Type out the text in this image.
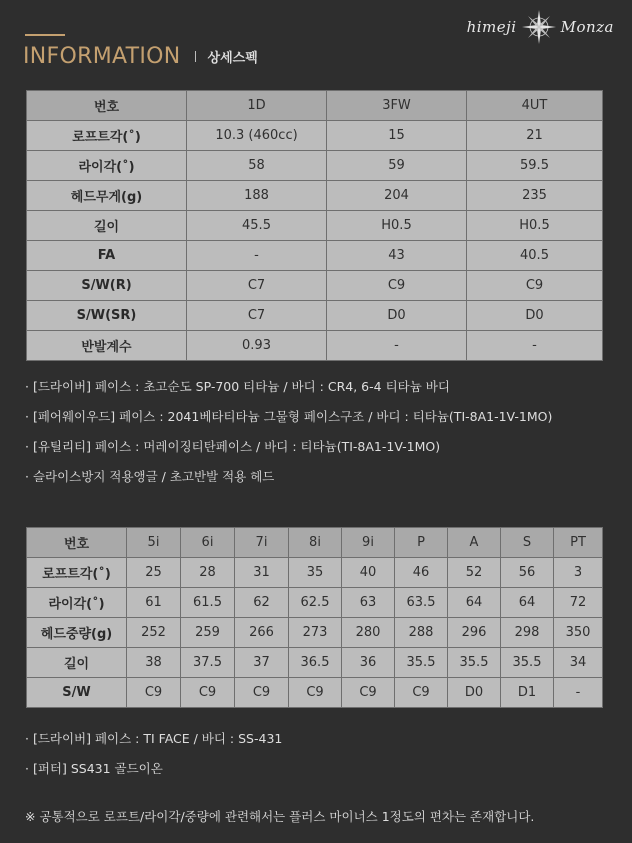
himeji	Monza
INFORMATION 상세스펙
번호	1D	3FW	4UT
로프트각(˚)	10.3 (460cc)	15	21
라이각(˚)	58	59	59.5
헤드무게(g)	188	204	235
길이	45.5	H0.5	H0.5
FA	-	43	40.5
S/W(R)	C7	C9	C9
S/W(SR)	C7	D0	D0
반발계수	0.93	-	-
· [드라이버] 페이스 : 초고순도 SP-700 티타늄 / 바디 : CR4, 6-4 티타늄 바디
· [페어웨이우드] 페이스 : 2041베타티타늄 그물형 페이스구조 / 바디 : 티타늄(TI-8A1-1V-1MO)
· [유틸리티] 페이스 : 머레이징티탄페이스 / 바디 : 티타늄(TI-8A1-1V-1MO)
· 슬라이스방지 적용앵글 / 초고반발 적용 헤드
번호	5i	6i	7i	8i	9i	P	A	S	PT
로프트각(˚)	25	28	31	35	40	46	52	56	3
라이각(˚)	61	61.5	62	62.5	63	63.5	64	64	72
헤드중량(g)	252	259	266	273	280	288	296	298	350
길이	38	37.5	37	36.5	36	35.5	35.5	35.5	34
S/W	C9	C9	C9	C9	C9	C9	D0	D1	-
· [드라이버] 페이스 : TI FACE / 바디 : SS-431
· [퍼터] SS431 골드이온
※ 공통적으로 로프트/라이각/중량에 관련해서는 플러스 마이너스 1정도의 편차는 존재합니다.
